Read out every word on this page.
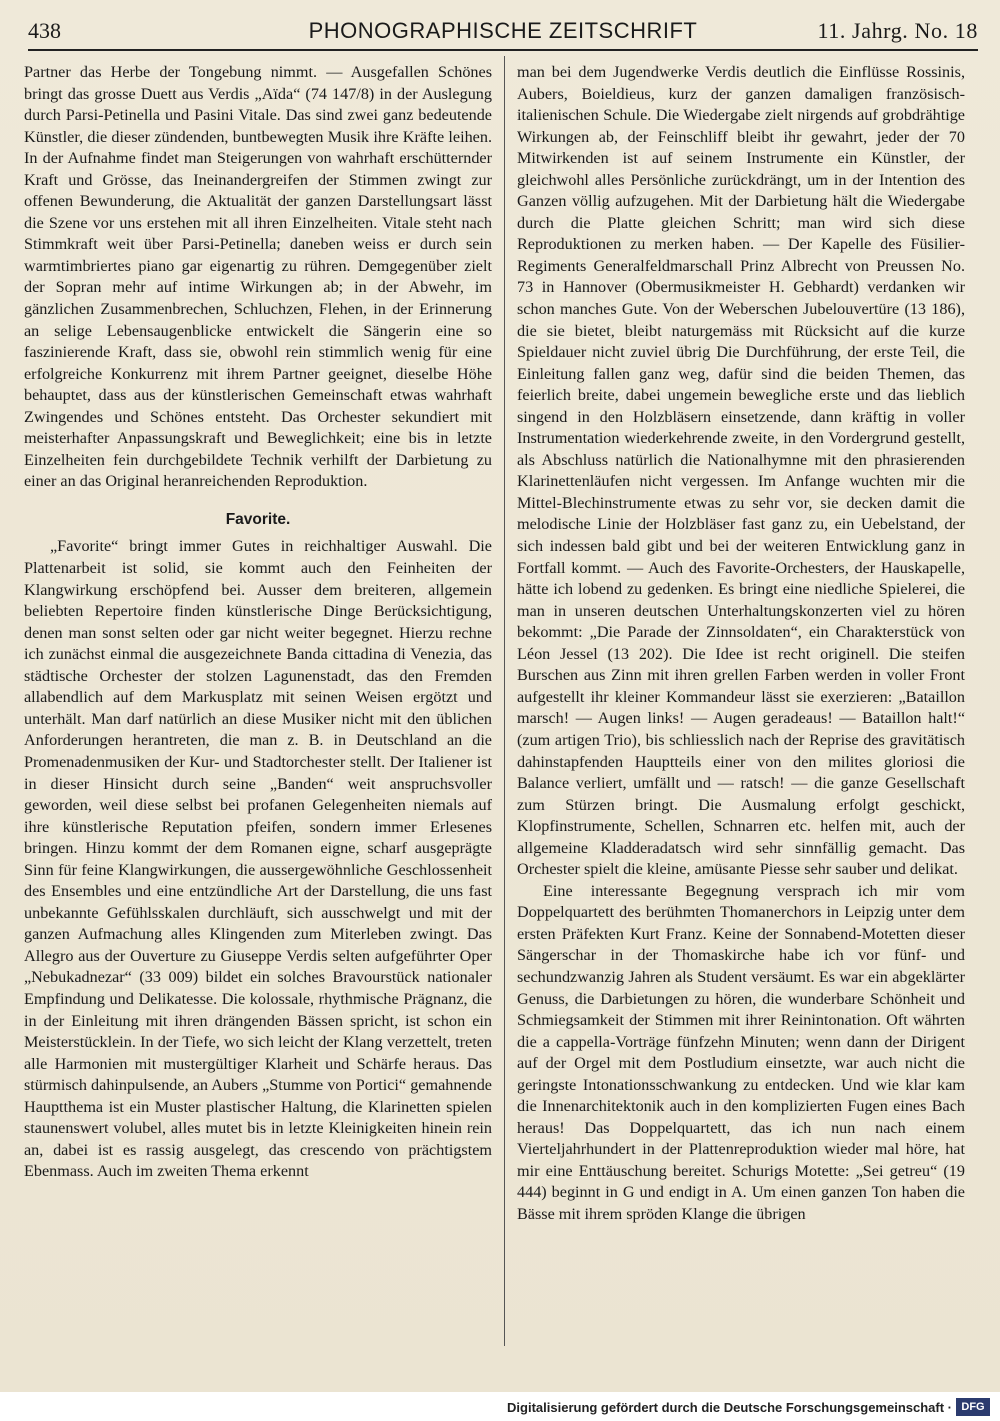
438	PHONOGRAPHISCHE ZEITSCHRIFT	11. Jahrg. No. 18

Partner das Herbe der Tongebung nimmt. — Ausgefallen Schönes bringt das grosse Duett aus Verdis „Aïda“ (74 147/8) in der Auslegung durch Parsi-Petinella und Pasini Vitale. Das sind zwei ganz bedeutende Künstler, die dieser zündenden, buntbewegten Musik ihre Kräfte leihen. In der Aufnahme findet man Steigerungen von wahrhaft erschütternder Kraft und Grösse, das Ineinandergreifen der Stimmen zwingt zur offenen Bewunderung, die Aktualität der ganzen Darstellungsart lässt die Szene vor uns erstehen mit all ihren Einzelheiten. Vitale steht nach Stimmkraft weit über Parsi-Petinella; daneben weiss er durch sein warmtimbriertes piano gar eigenartig zu rühren. Demgegenüber zielt der Sopran mehr auf intime Wirkungen ab; in der Abwehr, im gänzlichen Zusammenbrechen, Schluchzen, Flehen, in der Erinnerung an selige Lebensaugenblicke entwickelt die Sängerin eine so faszinierende Kraft, dass sie, obwohl rein stimmlich wenig für eine erfolgreiche Konkurrenz mit ihrem Partner geeignet, dieselbe Höhe behauptet, dass aus der künstlerischen Gemeinschaft etwas wahrhaft Zwingendes und Schönes entsteht. Das Orchester sekundiert mit meisterhafter Anpassungskraft und Beweglichkeit; eine bis in letzte Einzelheiten fein durchgebildete Technik verhilft der Darbietung zu einer an das Original heranreichenden Reproduktion.

Favorite.

„Favorite“ bringt immer Gutes in reichhaltiger Auswahl. Die Plattenarbeit ist solid, sie kommt auch den Feinheiten der Klangwirkung erschöpfend bei. Ausser dem breiteren, allgemein beliebten Repertoire finden künstlerische Dinge Berücksichtigung, denen man sonst selten oder gar nicht weiter begegnet. Hierzu rechne ich zunächst einmal die ausgezeichnete Banda cittadina di Venezia, das städtische Orchester der stolzen Lagunenstadt, das den Fremden allabendlich auf dem Markusplatz mit seinen Weisen ergötzt und unterhält. Man darf natürlich an diese Musiker nicht mit den üblichen Anforderungen herantreten, die man z. B. in Deutschland an die Promenadenmusiken der Kur- und Stadtorchester stellt. Der Italiener ist in dieser Hinsicht durch seine „Banden“ weit anspruchsvoller geworden, weil diese selbst bei profanen Gelegenheiten niemals auf ihre künstlerische Reputation pfeifen, sondern immer Erlesenes bringen. Hinzu kommt der dem Romanen eigne, scharf ausgeprägte Sinn für feine Klangwirkungen, die aussergewöhnliche Geschlossenheit des Ensembles und eine entzündliche Art der Darstellung, die uns fast unbekannte Gefühlsskalen durchläuft, sich ausschwelgt und mit der ganzen Aufmachung alles Klingenden zum Miterleben zwingt. Das Allegro aus der Ouverture zu Giuseppe Verdis selten aufgeführter Oper „Nebukadnezar“ (33 009) bildet ein solches Bravourstück nationaler Empfindung und Delikatesse. Die kolossale, rhythmische Prägnanz, die in der Einleitung mit ihren drängenden Bässen spricht, ist schon ein Meisterstücklein. In der Tiefe, wo sich leicht der Klang verzettelt, treten alle Harmonien mit mustergültiger Klarheit und Schärfe heraus. Das stürmisch dahinpulsende, an Aubers „Stumme von Portici“ gemahnende Hauptthema ist ein Muster plastischer Haltung, die Klarinetten spielen staunenswert volubel, alles mutet bis in letzte Kleinigkeiten hinein rein an, dabei ist es rassig ausgelegt, das crescendo von prächtigstem Ebenmass. Auch im zweiten Thema erkennt

man bei dem Jugendwerke Verdis deutlich die Einflüsse Rossinis, Aubers, Boieldieus, kurz der ganzen damaligen französisch-italienischen Schule. Die Wiedergabe zielt nirgends auf grobdrähtige Wirkungen ab, der Feinschliff bleibt ihr gewahrt, jeder der 70 Mitwirkenden ist auf seinem Instrumente ein Künstler, der gleichwohl alles Persönliche zurückdrängt, um in der Intention des Ganzen völlig aufzugehen. Mit der Darbietung hält die Wiedergabe durch die Platte gleichen Schritt; man wird sich diese Reproduktionen zu merken haben. — Der Kapelle des Füsilier-Regiments Generalfeldmarschall Prinz Albrecht von Preussen No. 73 in Hannover (Obermusikmeister H. Gebhardt) verdanken wir schon manches Gute. Von der Weberschen Jubelouvertüre (13 186), die sie bietet, bleibt naturgemäss mit Rücksicht auf die kurze Spieldauer nicht zuviel übrig Die Durchführung, der erste Teil, die Einleitung fallen ganz weg, dafür sind die beiden Themen, das feierlich breite, dabei ungemein bewegliche erste und das lieblich singend in den Holzbläsern einsetzende, dann kräftig in voller Instrumentation wiederkehrende zweite, in den Vordergrund gestellt, als Abschluss natürlich die Nationalhymne mit den phrasierenden Klarinettenläufen nicht vergessen. Im Anfange wuchten mir die Mittel-Blechinstrumente etwas zu sehr vor, sie decken damit die melodische Linie der Holzbläser fast ganz zu, ein Uebelstand, der sich indessen bald gibt und bei der weiteren Entwicklung ganz in Fortfall kommt. — Auch des Favorite-Orchesters, der Hauskapelle, hätte ich lobend zu gedenken. Es bringt eine niedliche Spielerei, die man in unseren deutschen Unterhaltungskonzerten viel zu hören bekommt: „Die Parade der Zinnsoldaten“, ein Charakterstück von Léon Jessel (13 202). Die Idee ist recht originell. Die steifen Burschen aus Zinn mit ihren grellen Farben werden in voller Front aufgestellt ihr kleiner Kommandeur lässt sie exerzieren: „Bataillon marsch! — Augen links! — Augen geradeaus! — Bataillon halt!“ (zum artigen Trio), bis schliesslich nach der Reprise des gravitätisch dahinstapfenden Hauptteils einer von den milites gloriosi die Balance verliert, umfällt und — ratsch! — die ganze Gesellschaft zum Stürzen bringt. Die Ausmalung erfolgt geschickt, Klopfinstrumente, Schellen, Schnarren etc. helfen mit, auch der allgemeine Kladderadatsch wird sehr sinnfällig gemacht. Das Orchester spielt die kleine, amüsante Piesse sehr sauber und delikat.

Eine interessante Begegnung versprach ich mir vom Doppelquartett des berühmten Thomanerchors in Leipzig unter dem ersten Präfekten Kurt Franz. Keine der Sonnabend-Motetten dieser Sängerschar in der Thomaskirche habe ich vor fünf- und sechundzwanzig Jahren als Student versäumt. Es war ein abgeklärter Genuss, die Darbietungen zu hören, die wunderbare Schönheit und Schmiegsamkeit der Stimmen mit ihrer Reinintonation. Oft währten die a cappella-Vorträge fünfzehn Minuten; wenn dann der Dirigent auf der Orgel mit dem Postludium einsetzte, war auch nicht die geringste Intonationsschwankung zu entdecken. Und wie klar kam die Innenarchitektonik auch in den komplizierten Fugen eines Bach heraus! Das Doppelquartett, das ich nun nach einem Vierteljahrhundert in der Plattenreproduktion wieder mal höre, hat mir eine Enttäuschung bereitet. Schurigs Motette: „Sei getreu“ (19 444) beginnt in G und endigt in A. Um einen ganzen Ton haben die Bässe mit ihrem spröden Klange die übrigen

Digitalisierung gefördert durch die Deutsche Forschungsgemeinschaft · DFG
